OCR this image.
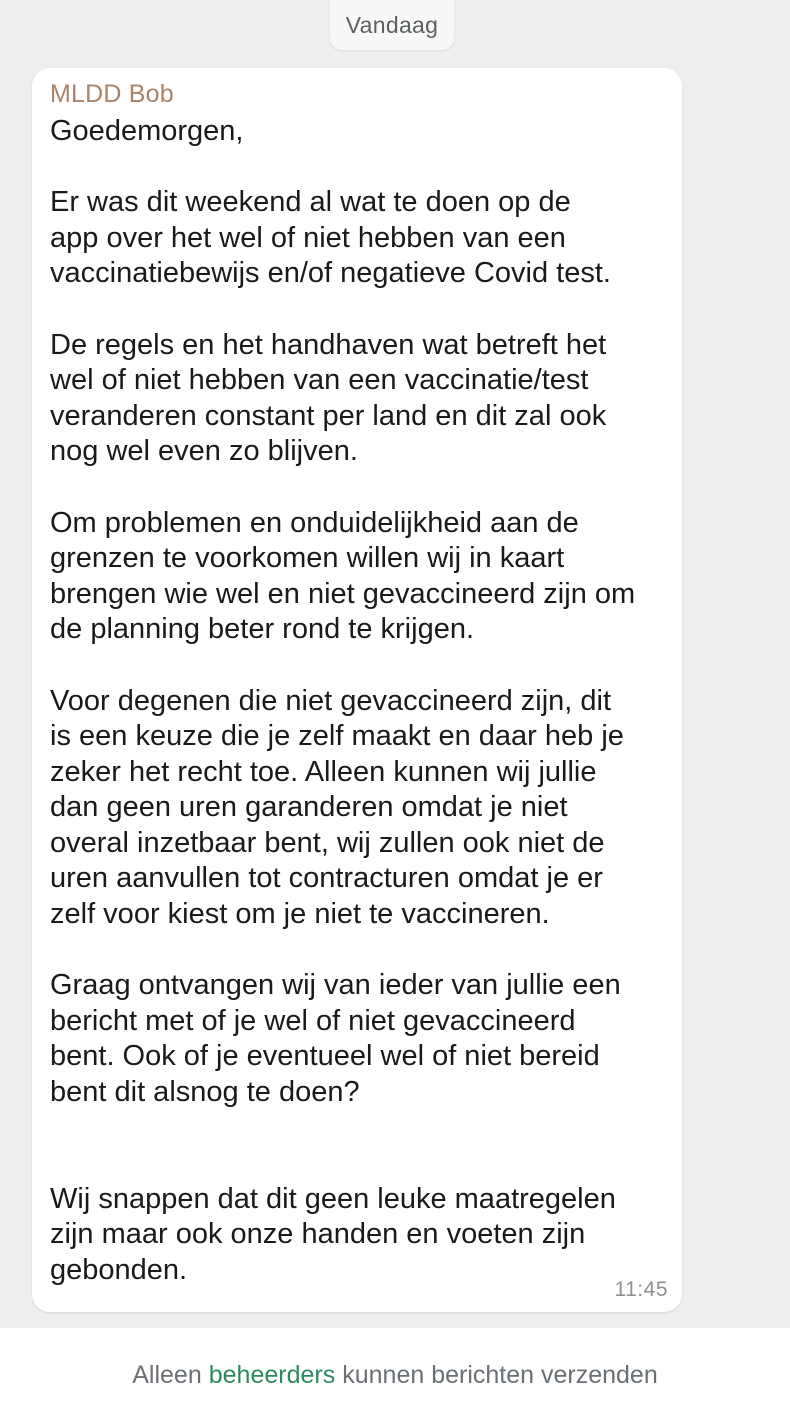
Vandaag
MLDD Bob
Goedemorgen,

Er was dit weekend al wat te doen op de
app over het wel of niet hebben van een
vaccinatiebewijs en/of negatieve Covid test.

De regels en het handhaven wat betreft het
wel of niet hebben van een vaccinatie/test
veranderen constant per land en dit zal ook
nog wel even zo blijven.

Om problemen en onduidelijkheid aan de
grenzen te voorkomen willen wij in kaart
brengen wie wel en niet gevaccineerd zijn om
de planning beter rond te krijgen.

Voor degenen die niet gevaccineerd zijn, dit
is een keuze die je zelf maakt en daar heb je
zeker het recht toe. Alleen kunnen wij jullie
dan geen uren garanderen omdat je niet
overal inzetbaar bent, wij zullen ook niet de
uren aanvullen tot contracturen omdat je er
zelf voor kiest om je niet te vaccineren.

Graag ontvangen wij van ieder van jullie een
bericht met of je wel of niet gevaccineerd
bent. Ook of je eventueel wel of niet bereid
bent dit alsnog te doen?

Wij snappen dat dit geen leuke maatregelen
zijn maar ook onze handen en voeten zijn
gebonden.
11:45
Alleen beheerders kunnen berichten verzenden
